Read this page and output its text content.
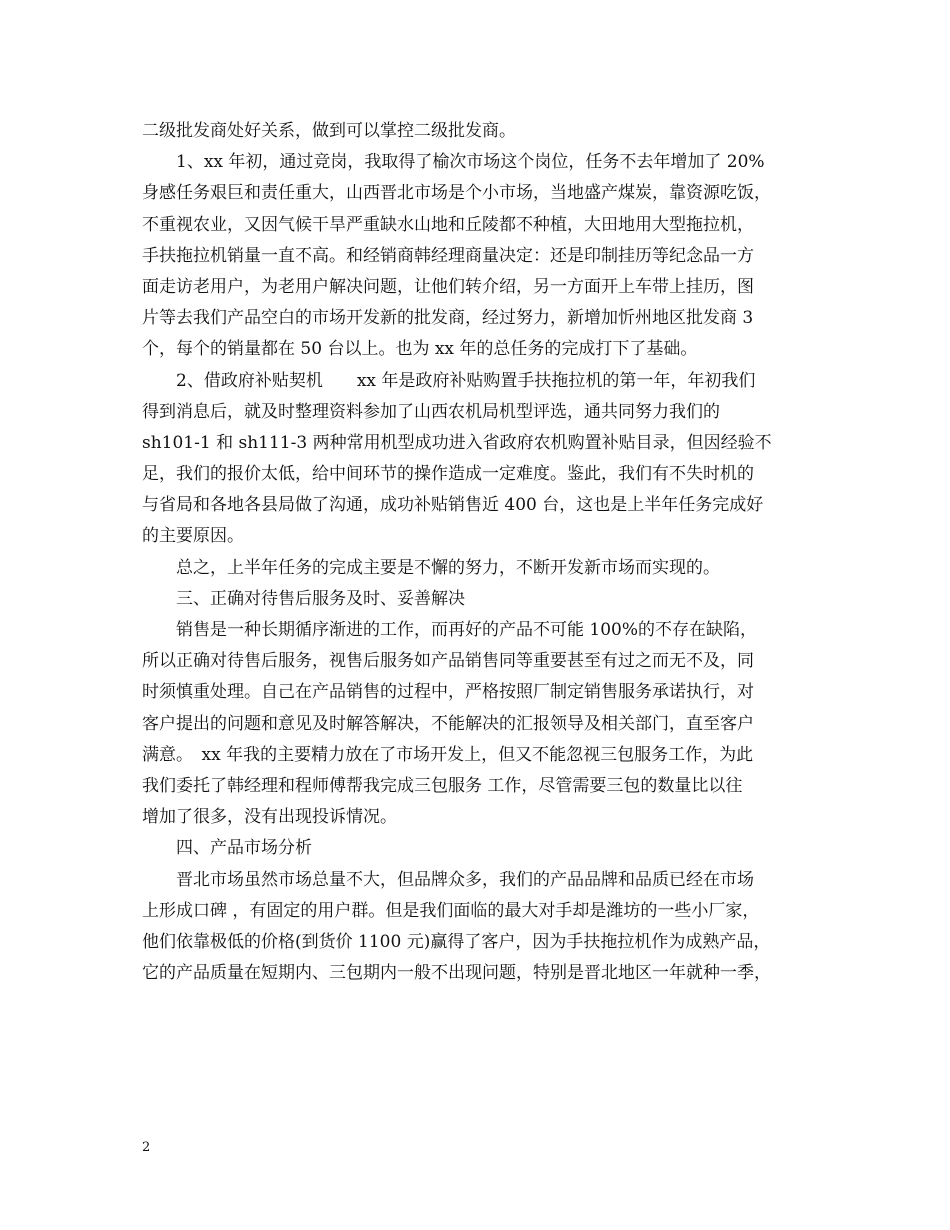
二级批发商处好关系，做到可以掌控二级批发商。
1、xx 年初，通过竞岗，我取得了榆次市场这个岗位，任务不去年增加了 20%
身感任务艰巨和责任重大，山西晋北市场是个小市场，当地盛产煤炭，靠资源吃饭，
不重视农业，又因气候干旱严重缺水山地和丘陵都不种植，大田地用大型拖拉机，
手扶拖拉机销量一直不高。和经销商韩经理商量决定：还是印制挂历等纪念品一方
面走访老用户，为老用户解决问题，让他们转介绍，另一方面开上车带上挂历，图
片等去我们产品空白的市场开发新的批发商，经过努力，新增加忻州地区批发商 3
个，每个的销量都在 50 台以上。也为 xx 年的总任务的完成打下了基础。
2、借政府补贴契机　　xx 年是政府补贴购置手扶拖拉机的第一年，年初我们
得到消息后，就及时整理资料参加了山西农机局机型评选，通共同努力我们的
sh101-1 和 sh111-3 两种常用机型成功进入省政府农机购置补贴目录，但因经验不
足，我们的报价太低，给中间环节的操作造成一定难度。鉴此，我们有不失时机的
与省局和各地各县局做了沟通，成功补贴销售近 400 台，这也是上半年任务完成好
的主要原因。
总之，上半年任务的完成主要是不懈的努力，不断开发新市场而实现的。
三、正确对待售后服务及时、妥善解决
销售是一种长期循序渐进的工作，而再好的产品不可能 100%的不存在缺陷，
所以正确对待售后服务，视售后服务如产品销售同等重要甚至有过之而无不及，同
时须慎重处理。自己在产品销售的过程中，严格按照厂制定销售服务承诺执行，对
客户提出的问题和意见及时解答解决，不能解决的汇报领导及相关部门，直至客户
满意。　xx 年我的主要精力放在了市场开发上，但又不能忽视三包服务工作，为此
我们委托了韩经理和程师傅帮我完成三包服务 工作，尽管需要三包的数量比以往
增加了很多，没有出现投诉情况。
四、产品市场分析
晋北市场虽然市场总量不大，但品牌众多，我们的产品品牌和品质已经在市场
上形成口碑 ，有固定的用户群。但是我们面临的最大对手却是潍坊的一些小厂家，
他们依靠极低的价格(到货价 1100 元)赢得了客户，因为手扶拖拉机作为成熟产品，
它的产品质量在短期内、三包期内一般不出现问题，特别是晋北地区一年就种一季，
2
